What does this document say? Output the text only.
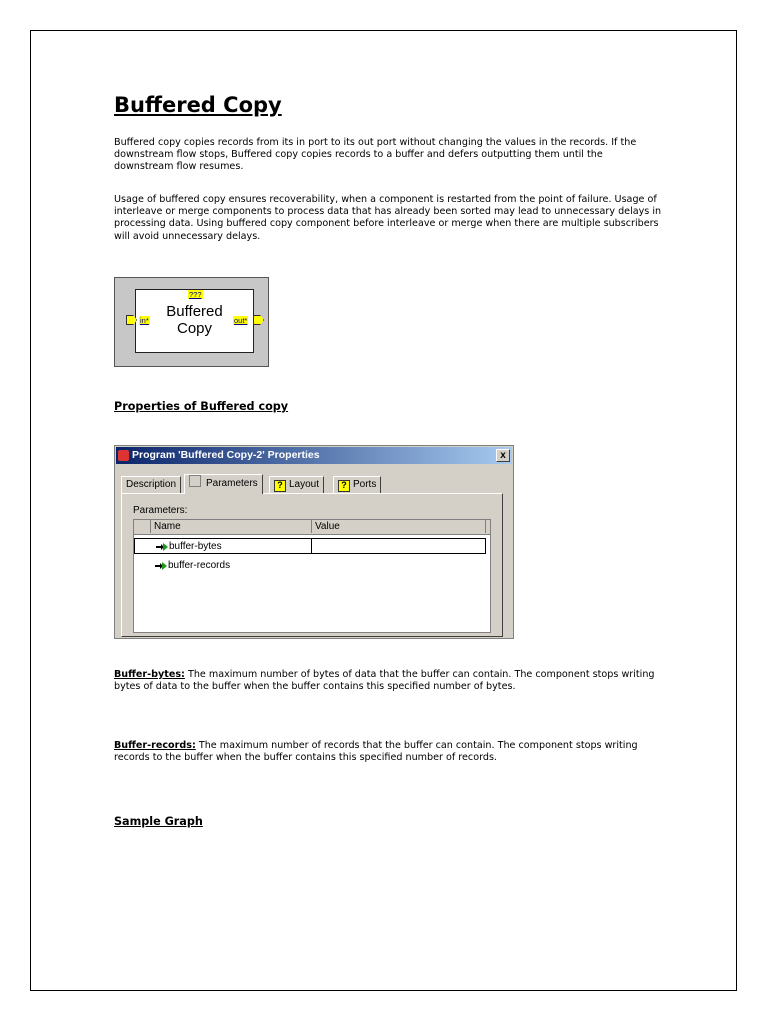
Buffered Copy

Buffered copy copies records from its in port to its out port without changing the values in the records. If the downstream flow stops, Buffered copy copies records to a buffer and defers outputting them until the downstream flow resumes.

Usage of buffered copy ensures recoverability, when a component is restarted from the point of failure. Usage of interleave or merge components to process data that has already been sorted may lead to unnecessary delays in processing data. Using buffered copy component before interleave or merge when there are multiple subscribers will avoid unnecessary delays.

???
Buffered
Copy
in*	out*
Properties of Buffered copy
Program 'Buffered Copy-2' Properties	x
Description	Parameters	? Layout	? Ports
Parameters:
Name	Value
buffer-bytes
buffer-records

Buffer-bytes: The maximum number of bytes of data that the buffer can contain. The component stops writing bytes of data to the buffer when the buffer contains this specified number of bytes.

Buffer-records: The maximum number of records that the buffer can contain. The component stops writing records to the buffer when the buffer contains this specified number of records.

Sample Graph
